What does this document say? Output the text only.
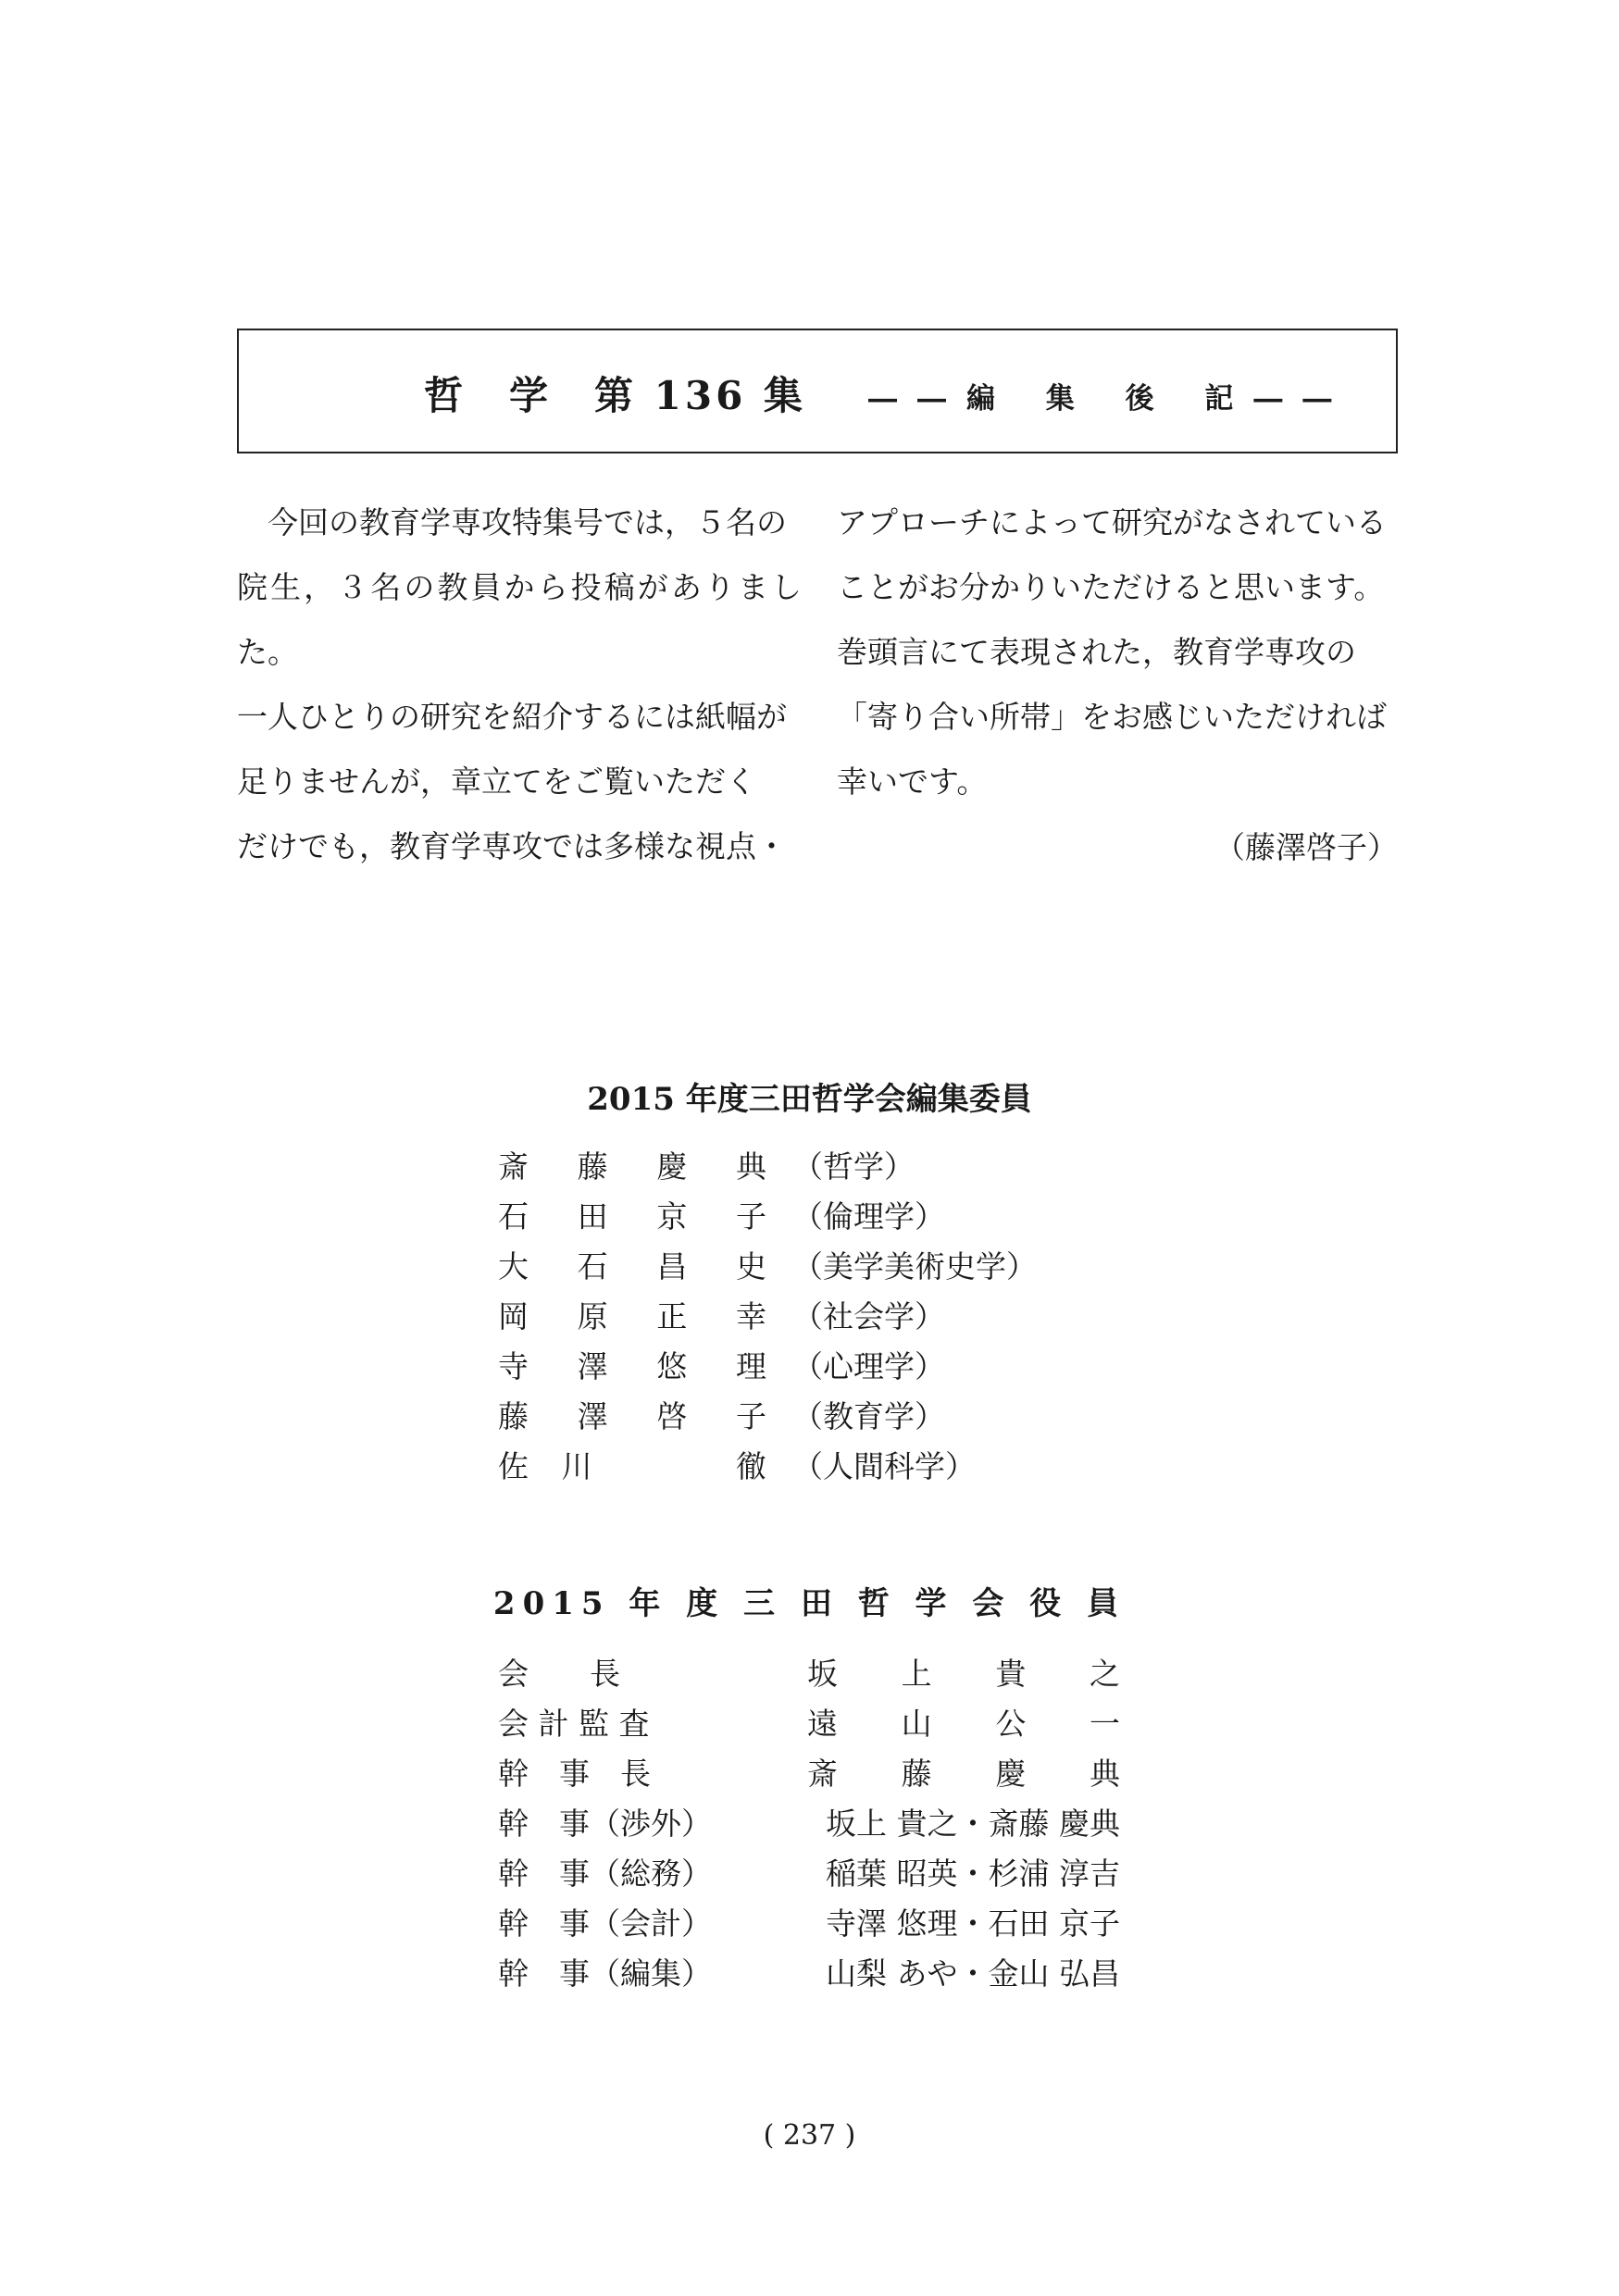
哲　学　第 136 集 ――編 集 後 記――
　今回の教育学専攻特集号では，５名の
院生，３名の教員から投稿がありました。
一人ひとりの研究を紹介するには紙幅が
足りませんが，章立てをご覧いただく
だけでも，教育学専攻では多様な視点・
アプローチによって研究がなされている
ことがお分かりいただけると思います。
巻頭言にて表現された，教育学専攻の
「寄り合い所帯」をお感じいただければ
幸いです。
（藤澤啓子）
2015 年度三田哲学会編集委員
斎 藤 慶 典 （哲学）
石 田 京 子 （倫理学）
大 石 昌 史 （美学美術史学）
岡 原 正 幸 （社会学）
寺 澤 悠 理 （心理学）
藤 澤 啓 子 （教育学）
佐 川	徹 （人間科学）
2015 年 度 三 田 哲 学 会 役 員
会　　長	坂 上 貴 之
会 計 監 査	遠 山 公 一
幹　事　長	斎 藤 慶 典
幹　事（渉外）	坂上 貴之・斎藤 慶典
幹　事（総務）	稲葉 昭英・杉浦 淳吉
幹　事（会計）	寺澤 悠理・石田 京子
幹　事（編集）	山梨 あや・金山 弘昌
( 237 )
